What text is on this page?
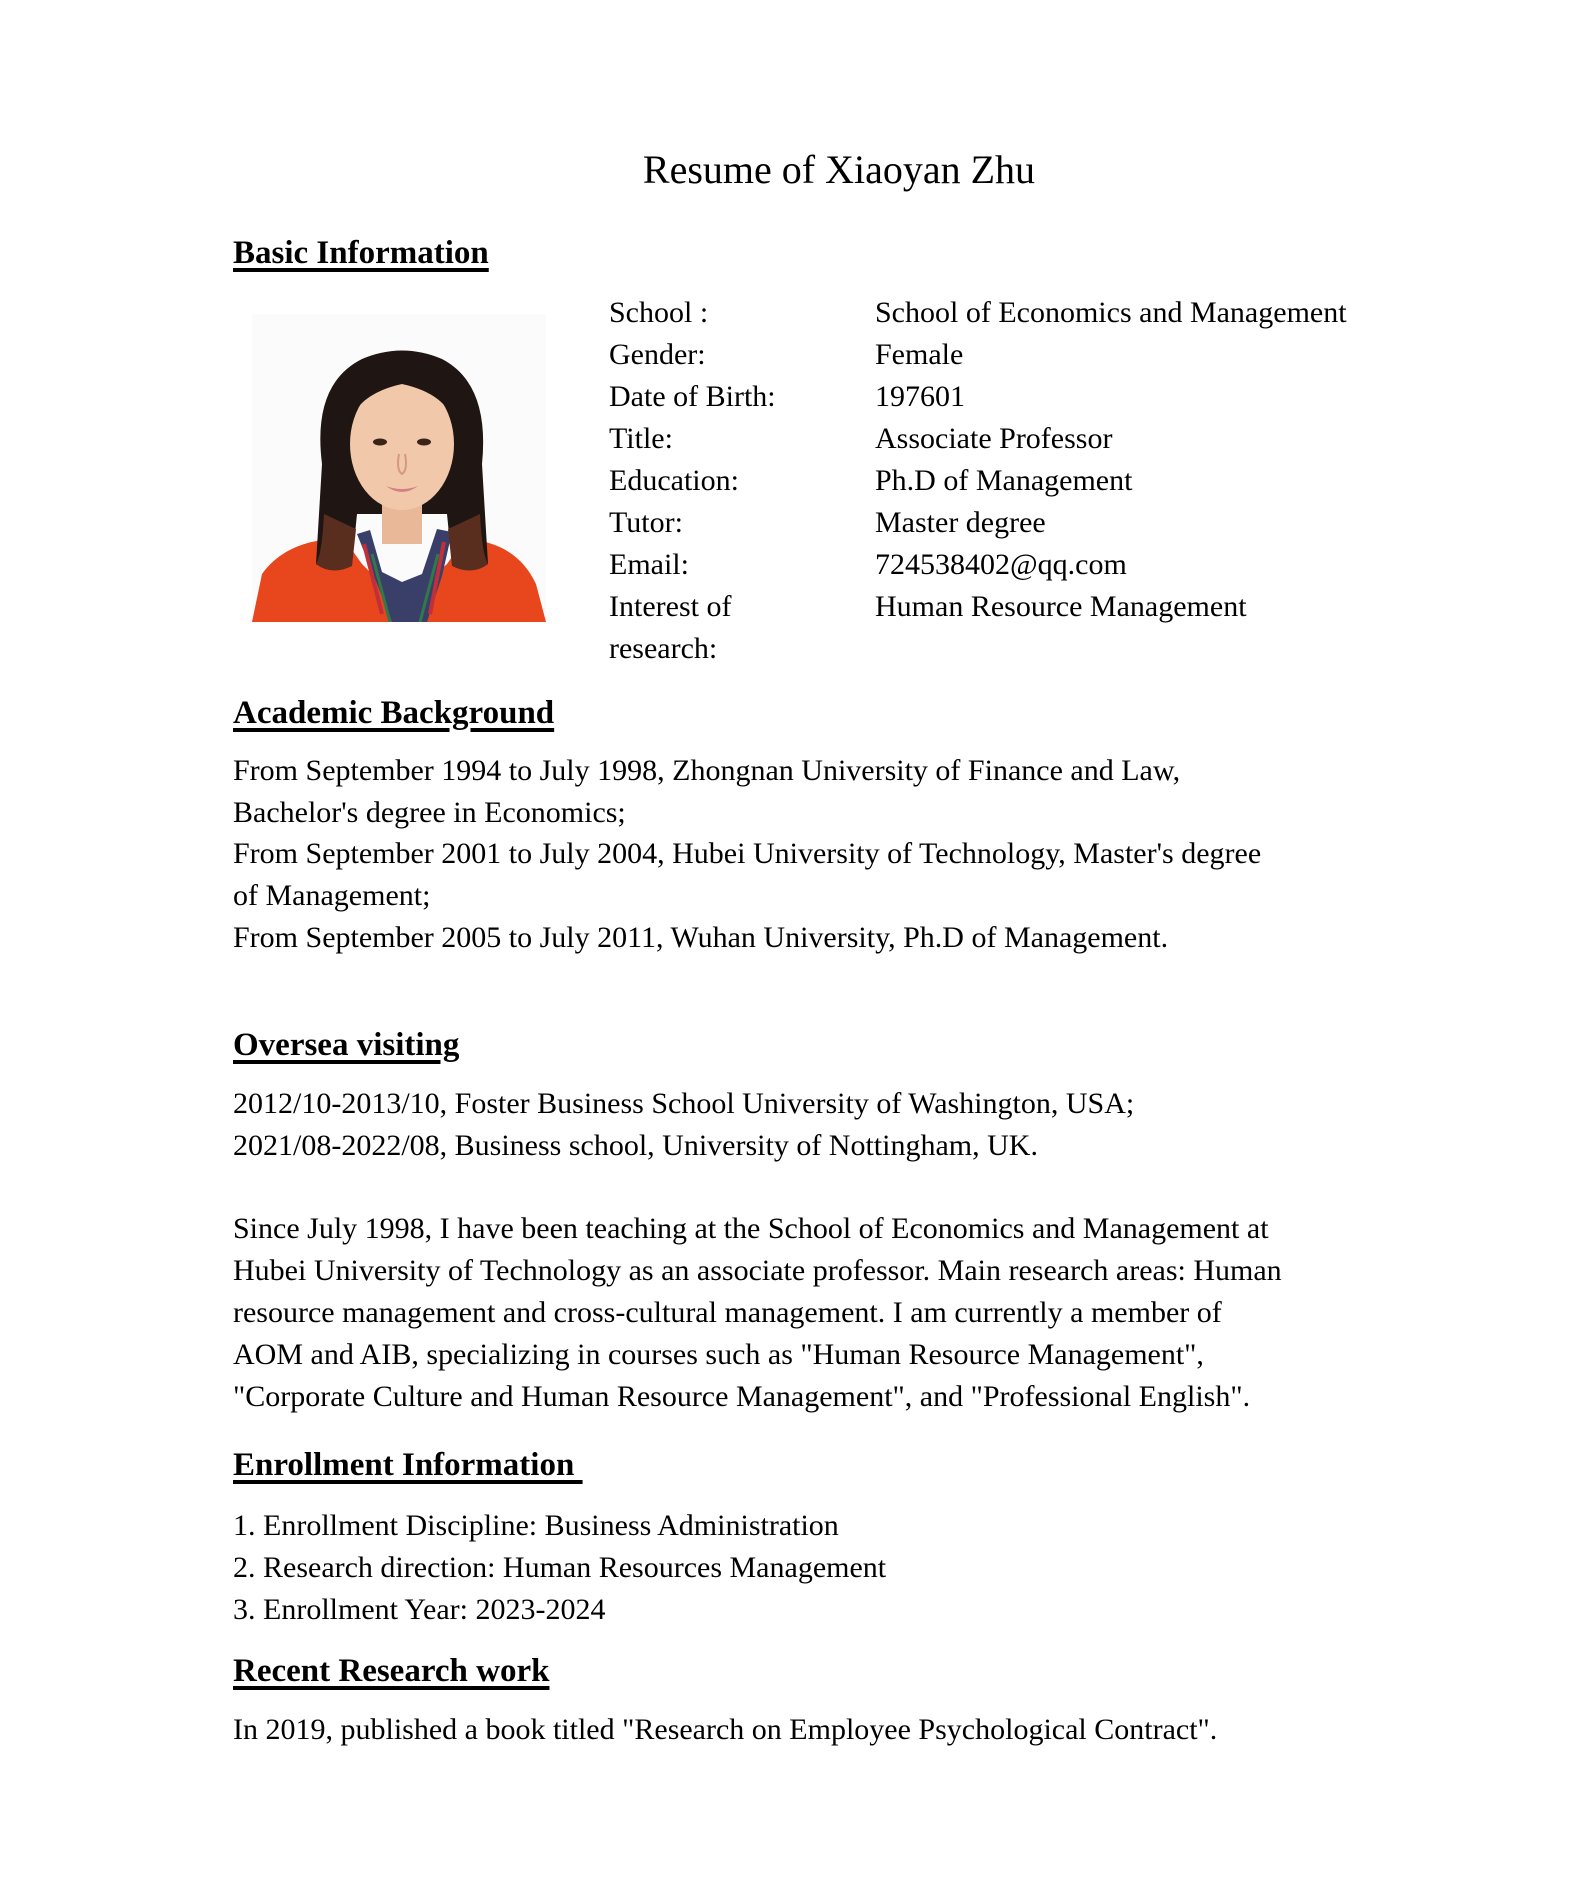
Resume of Xiaoyan Zhu
Basic Information
School :	School of Economics and Management
Gender:	Female
Date of Birth:	197601
Title:	Associate Professor
Education:	Ph.D of Management
Tutor:	Master degree
Email:	724538402@qq.com
Interest of	Human Resource Management
research:
Academic Background
From September 1994 to July 1998, Zhongnan University of Finance and Law,
Bachelor's degree in Economics;
From September 2001 to July 2004, Hubei University of Technology, Master's degree
of Management;
From September 2005 to July 2011, Wuhan University, Ph.D of Management.
Oversea visiting
2012/10-2013/10, Foster Business School University of Washington, USA;
2021/08-2022/08, Business school, University of Nottingham, UK.
Since July 1998, I have been teaching at the School of Economics and Management at
Hubei University of Technology as an associate professor. Main research areas: Human
resource management and cross-cultural management. I am currently a member of
AOM and AIB, specializing in courses such as "Human Resource Management",
"Corporate Culture and Human Resource Management", and "Professional English".
Enrollment Information
1. Enrollment Discipline: Business Administration
2. Research direction: Human Resources Management
3. Enrollment Year: 2023-2024
Recent Research work
In 2019, published a book titled "Research on Employee Psychological Contract".
